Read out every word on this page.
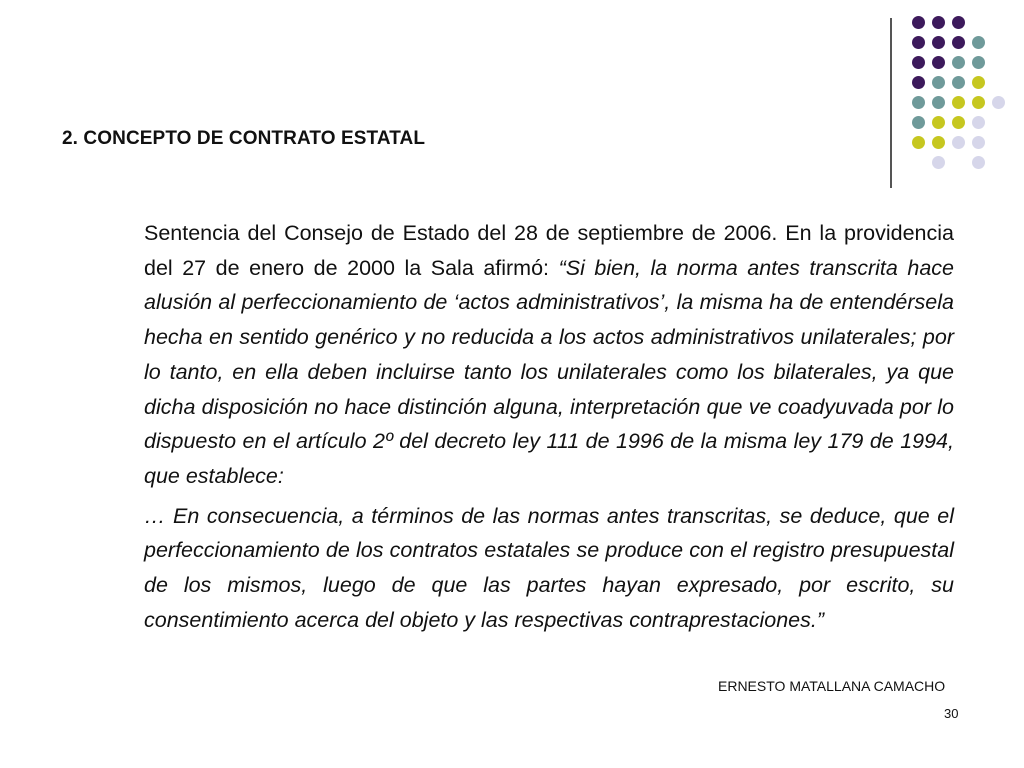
2. CONCEPTO DE CONTRATO ESTATAL

Sentencia del Consejo de Estado del 28 de septiembre de 2006. En la providencia del 27 de enero de 2000 la Sala afirmó: “Si bien, la norma antes transcrita hace alusión al perfeccionamiento de ‘actos administrativos’, la misma ha de entendérsela hecha en sentido genérico y no reducida a los actos administrativos unilaterales; por lo tanto, en ella deben incluirse tanto los unilaterales como los bilaterales, ya que dicha disposición no hace distinción alguna, interpretación que ve coadyuvada por lo dispuesto en el artículo 2º del decreto ley 111 de 1996 de la misma ley 179 de 1994, que establece:

… En consecuencia, a términos de las normas antes transcritas, se deduce, que el perfeccionamiento de los contratos estatales se produce con el registro presupuestal de los mismos, luego de que las partes hayan expresado, por escrito, su consentimiento acerca del objeto y las respectivas contraprestaciones.”

ERNESTO MATALLANA CAMACHO
30
